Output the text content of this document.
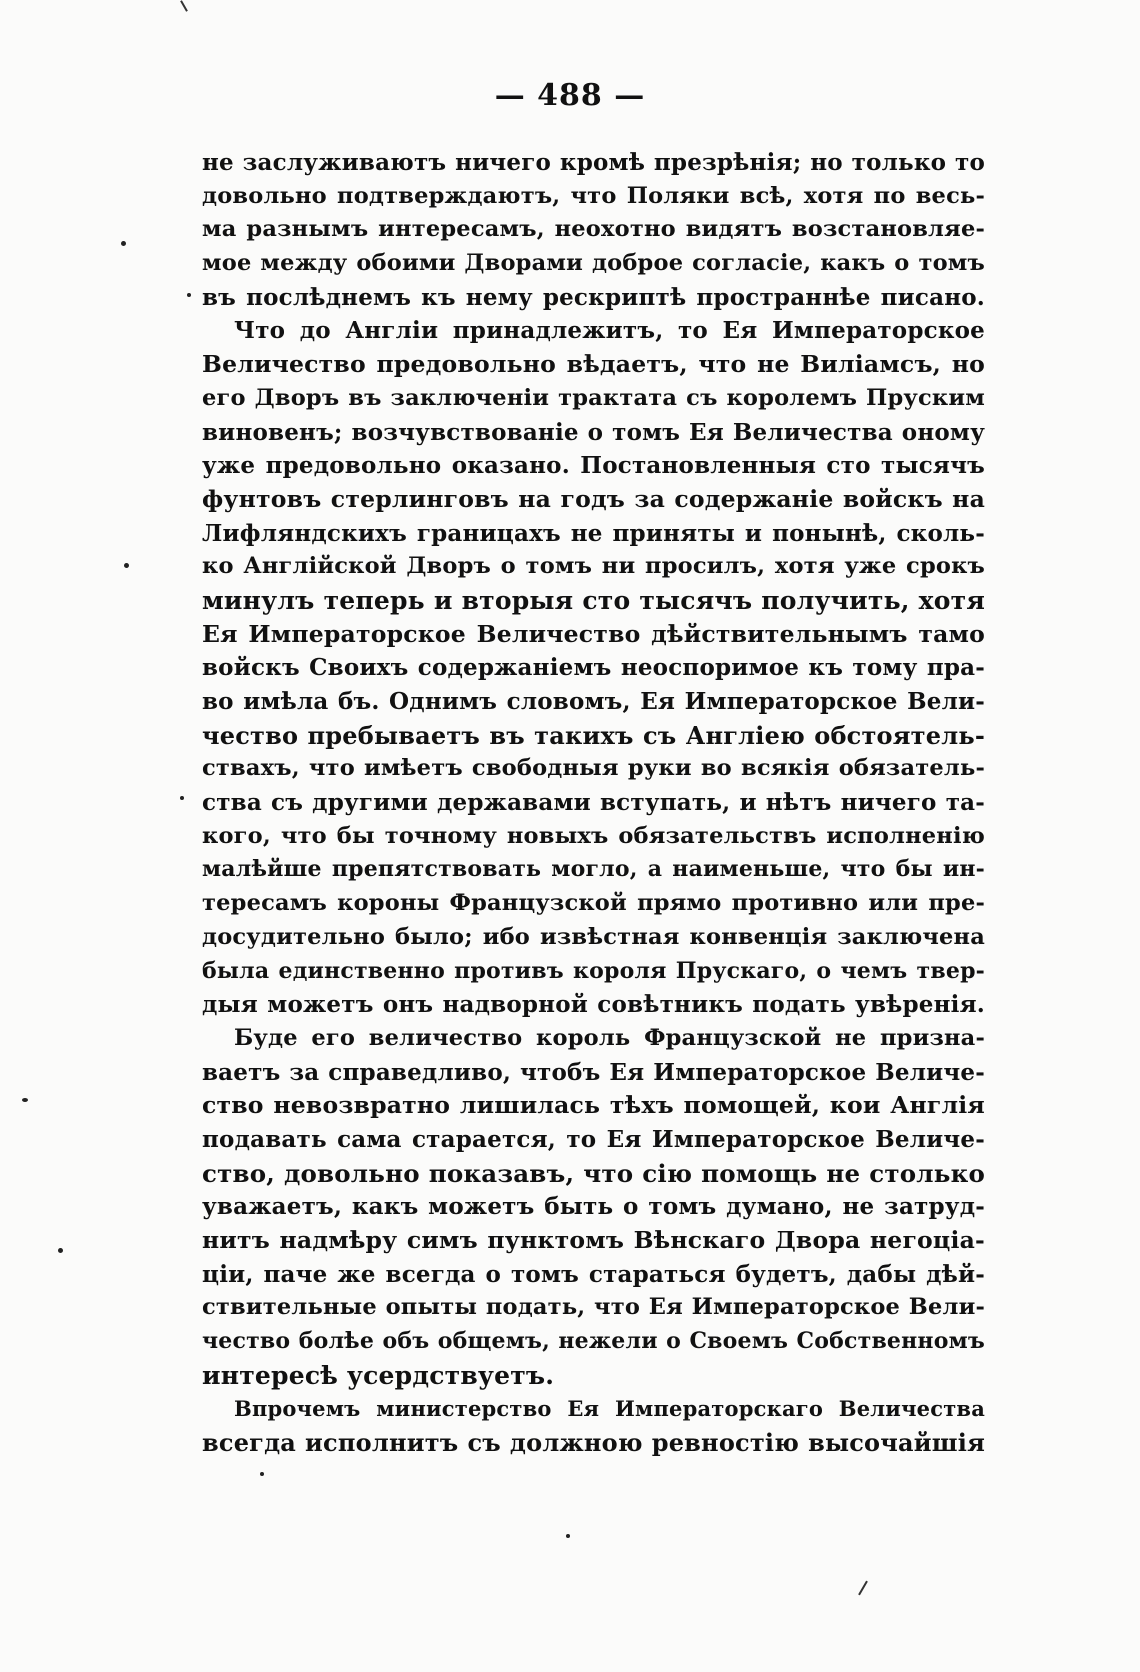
— 488 —
не заслуживаютъ ничего кромѣ презрѣнія; но только то
довольно подтверждаютъ, что Поляки всѣ, хотя по весь-
ма разнымъ интересамъ, неохотно видятъ возстановляе-
мое между обоими Дворами доброе согласіе, какъ о томъ
въ послѣднемъ къ нему рескриптѣ пространнѣе писано.
Что до Англіи принадлежитъ, то Ея Императорское
Величество предовольно вѣдаетъ, что не Виліамсъ, но
его Дворъ въ заключеніи трактата съ королемъ Пруским
виновенъ; возчувствованіе о томъ Ея Величества оному
уже предовольно оказано. Постановленныя сто тысячъ
фунтовъ стерлинговъ на годъ за содержаніе войскъ на
Лифляндскихъ границахъ не приняты и понынѣ, сколь-
ко Англійской Дворъ о томъ ни просилъ, хотя уже срокъ
минулъ теперь и вторыя сто тысячъ получить, хотя
Ея Императорское Величество дѣйствительнымъ тамо
войскъ Своихъ содержаніемъ неоспоримое къ тому пра-
во имѣла бъ. Однимъ словомъ, Ея Императорское Вели-
чество пребываетъ въ такихъ съ Англіею обстоятель-
ствахъ, что имѣетъ свободныя руки во всякія обязатель-
ства съ другими державами вступать, и нѣтъ ничего та-
кого, что бы точному новыхъ обязательствъ исполненію
малѣйше препятствовать могло, а наименьше, что бы ин-
тересамъ короны Французской прямо противно или пре-
досудительно было; ибо извѣстная конвенція заключена
была единственно противъ короля Прускаго, о чемъ твер-
дыя можетъ онъ надворной совѣтникъ подать увѣренія.
Буде его величество король Французской не призна-
ваетъ за справедливо, чтобъ Ея Императорское Величе-
ство невозвратно лишилась тѣхъ помощей, кои Англія
подавать сама старается, то Ея Императорское Величе-
ство, довольно показавъ, что сію помощь не столько
уважаетъ, какъ можетъ быть о томъ думано, не затруд-
нитъ надмѣру симъ пунктомъ Вѣнскаго Двора негоціа-
ціи, паче же всегда о томъ стараться будетъ, дабы дѣй-
ствительные опыты подать, что Ея Императорское Вели-
чество болѣе объ общемъ, нежели о Своемъ Собственномъ
интересѣ усердствуетъ.
Впрочемъ министерство Ея Императорскаго Величества
всегда исполнитъ съ должною ревностію высочайшія
